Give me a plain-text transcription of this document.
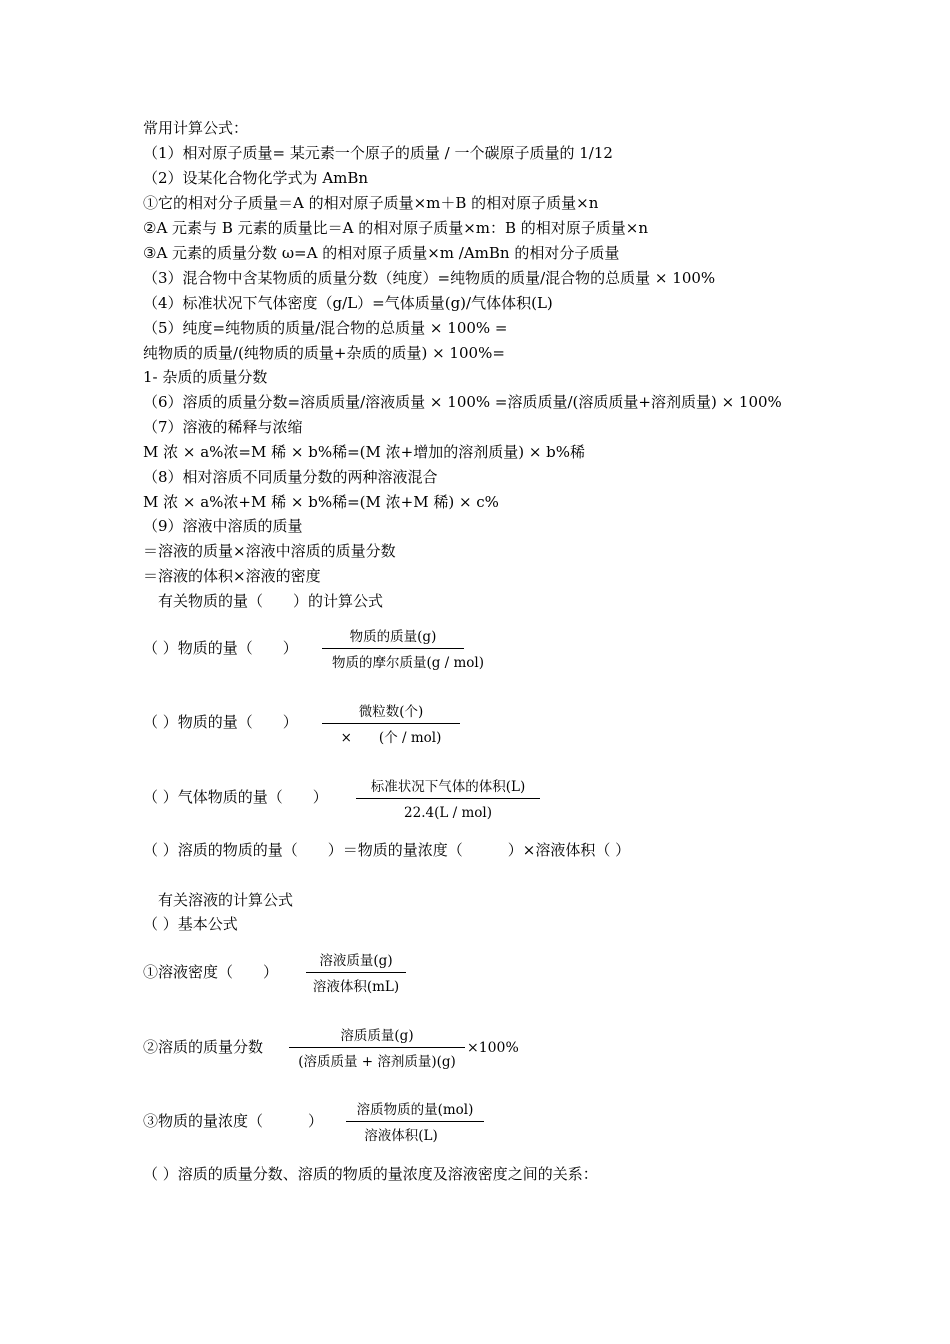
常用计算公式：
（1）相对原子质量= 某元素一个原子的质量 / 一个碳原子质量的 1/12
（2）设某化合物化学式为 AmBn
①它的相对分子质量＝A 的相对原子质量×m＋B 的相对原子质量×n
②A 元素与 B 元素的质量比＝A 的相对原子质量×m：B 的相对原子质量×n
③A 元素的质量分数 ω=A 的相对原子质量×m /AmBn 的相对分子质量
（3）混合物中含某物质的质量分数（纯度）=纯物质的质量/混合物的总质量 × 100%
（4）标准状况下气体密度（g/L）=气体质量(g)/气体体积(L)
（5）纯度=纯物质的质量/混合物的总质量 × 100% =
纯物质的质量/(纯物质的质量+杂质的质量) × 100%=
1- 杂质的质量分数
（6）溶质的质量分数=溶质质量/溶液质量 × 100% =溶质质量/(溶质质量+溶剂质量) × 100%
（7）溶液的稀释与浓缩
M 浓 × a%浓=M 稀 × b%稀=(M 浓+增加的溶剂质量) × b%稀
（8）相对溶质不同质量分数的两种溶液混合
M 浓 × a%浓+M 稀 × b%稀=(M 浓+M 稀) × c%
（9）溶液中溶质的质量
＝溶液的质量×溶液中溶质的质量分数
＝溶液的体积×溶液的密度
　有关物质的量（　　）的计算公式
（ ）物质的量（　　）
物质的质量(g)
物质的摩尔质量(g / mol)
（ ）物质的量（　　）
微粒数(个)
×　　(个 / mol)
（ ）气体物质的量（　　）
标准状况下气体的体积(L)
22.4(L / mol)
（ ）溶质的物质的量（　　）＝物质的量浓度（　　　）×溶液体积（ ）
　有关溶液的计算公式
（ ）基本公式
①溶液密度（　　）
溶液质量(g)
溶液体积(mL)
②溶质的质量分数
溶质质量(g)
(溶质质量 + 溶剂质量)(g)
×100%
③物质的量浓度（　　　）
溶质物质的量(mol)
溶液体积(L)
（ ）溶质的质量分数、溶质的物质的量浓度及溶液密度之间的关系：
